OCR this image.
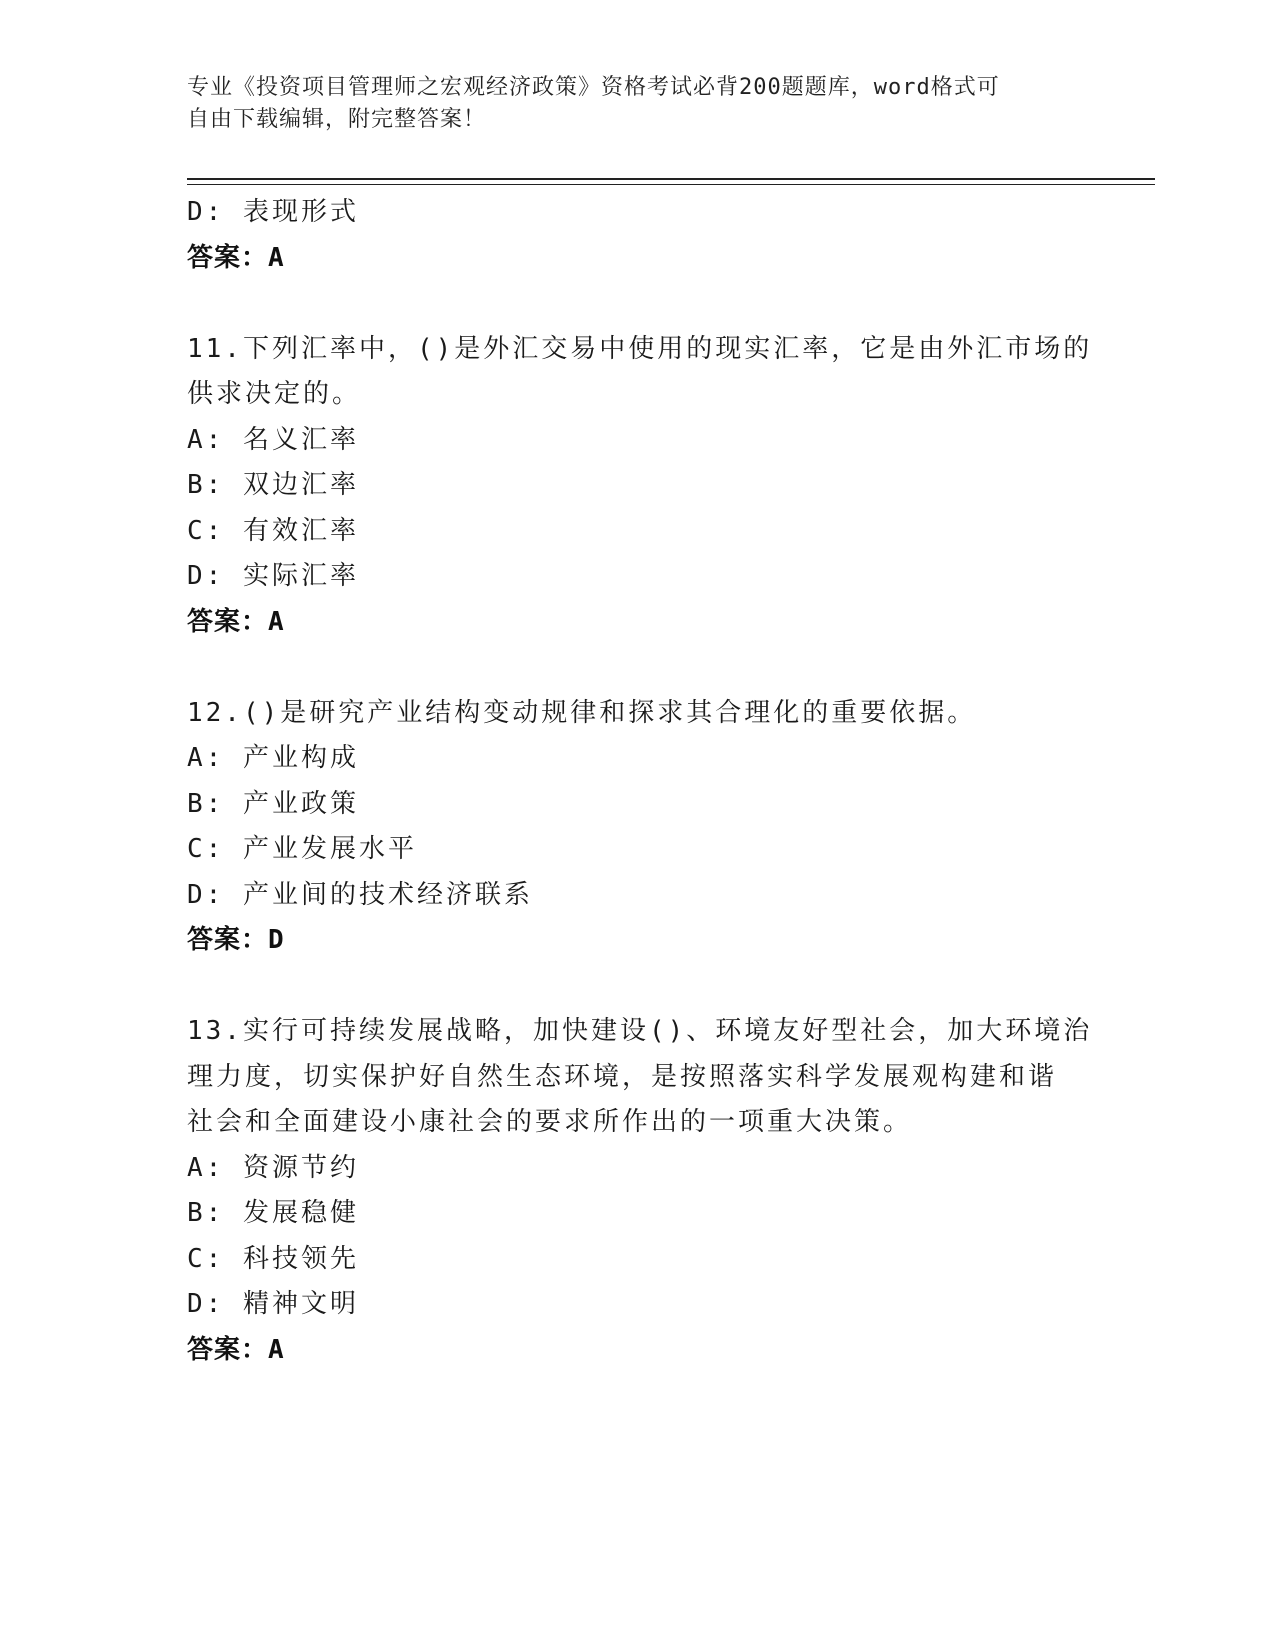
专业《投资项目管理师之宏观经济政策》资格考试必背200题题库，word格式可
自由下载编辑，附完整答案！
D: 表现形式
答案：A
11.下列汇率中，()是外汇交易中使用的现实汇率，它是由外汇市场的
供求决定的。
A: 名义汇率
B: 双边汇率
C: 有效汇率
D: 实际汇率
答案：A
12.()是研究产业结构变动规律和探求其合理化的重要依据。
A: 产业构成
B: 产业政策
C: 产业发展水平
D: 产业间的技术经济联系
答案：D
13.实行可持续发展战略，加快建设()、环境友好型社会，加大环境治
理力度，切实保护好自然生态环境，是按照落实科学发展观构建和谐
社会和全面建设小康社会的要求所作出的一项重大决策。
A: 资源节约
B: 发展稳健
C: 科技领先
D: 精神文明
答案：A
